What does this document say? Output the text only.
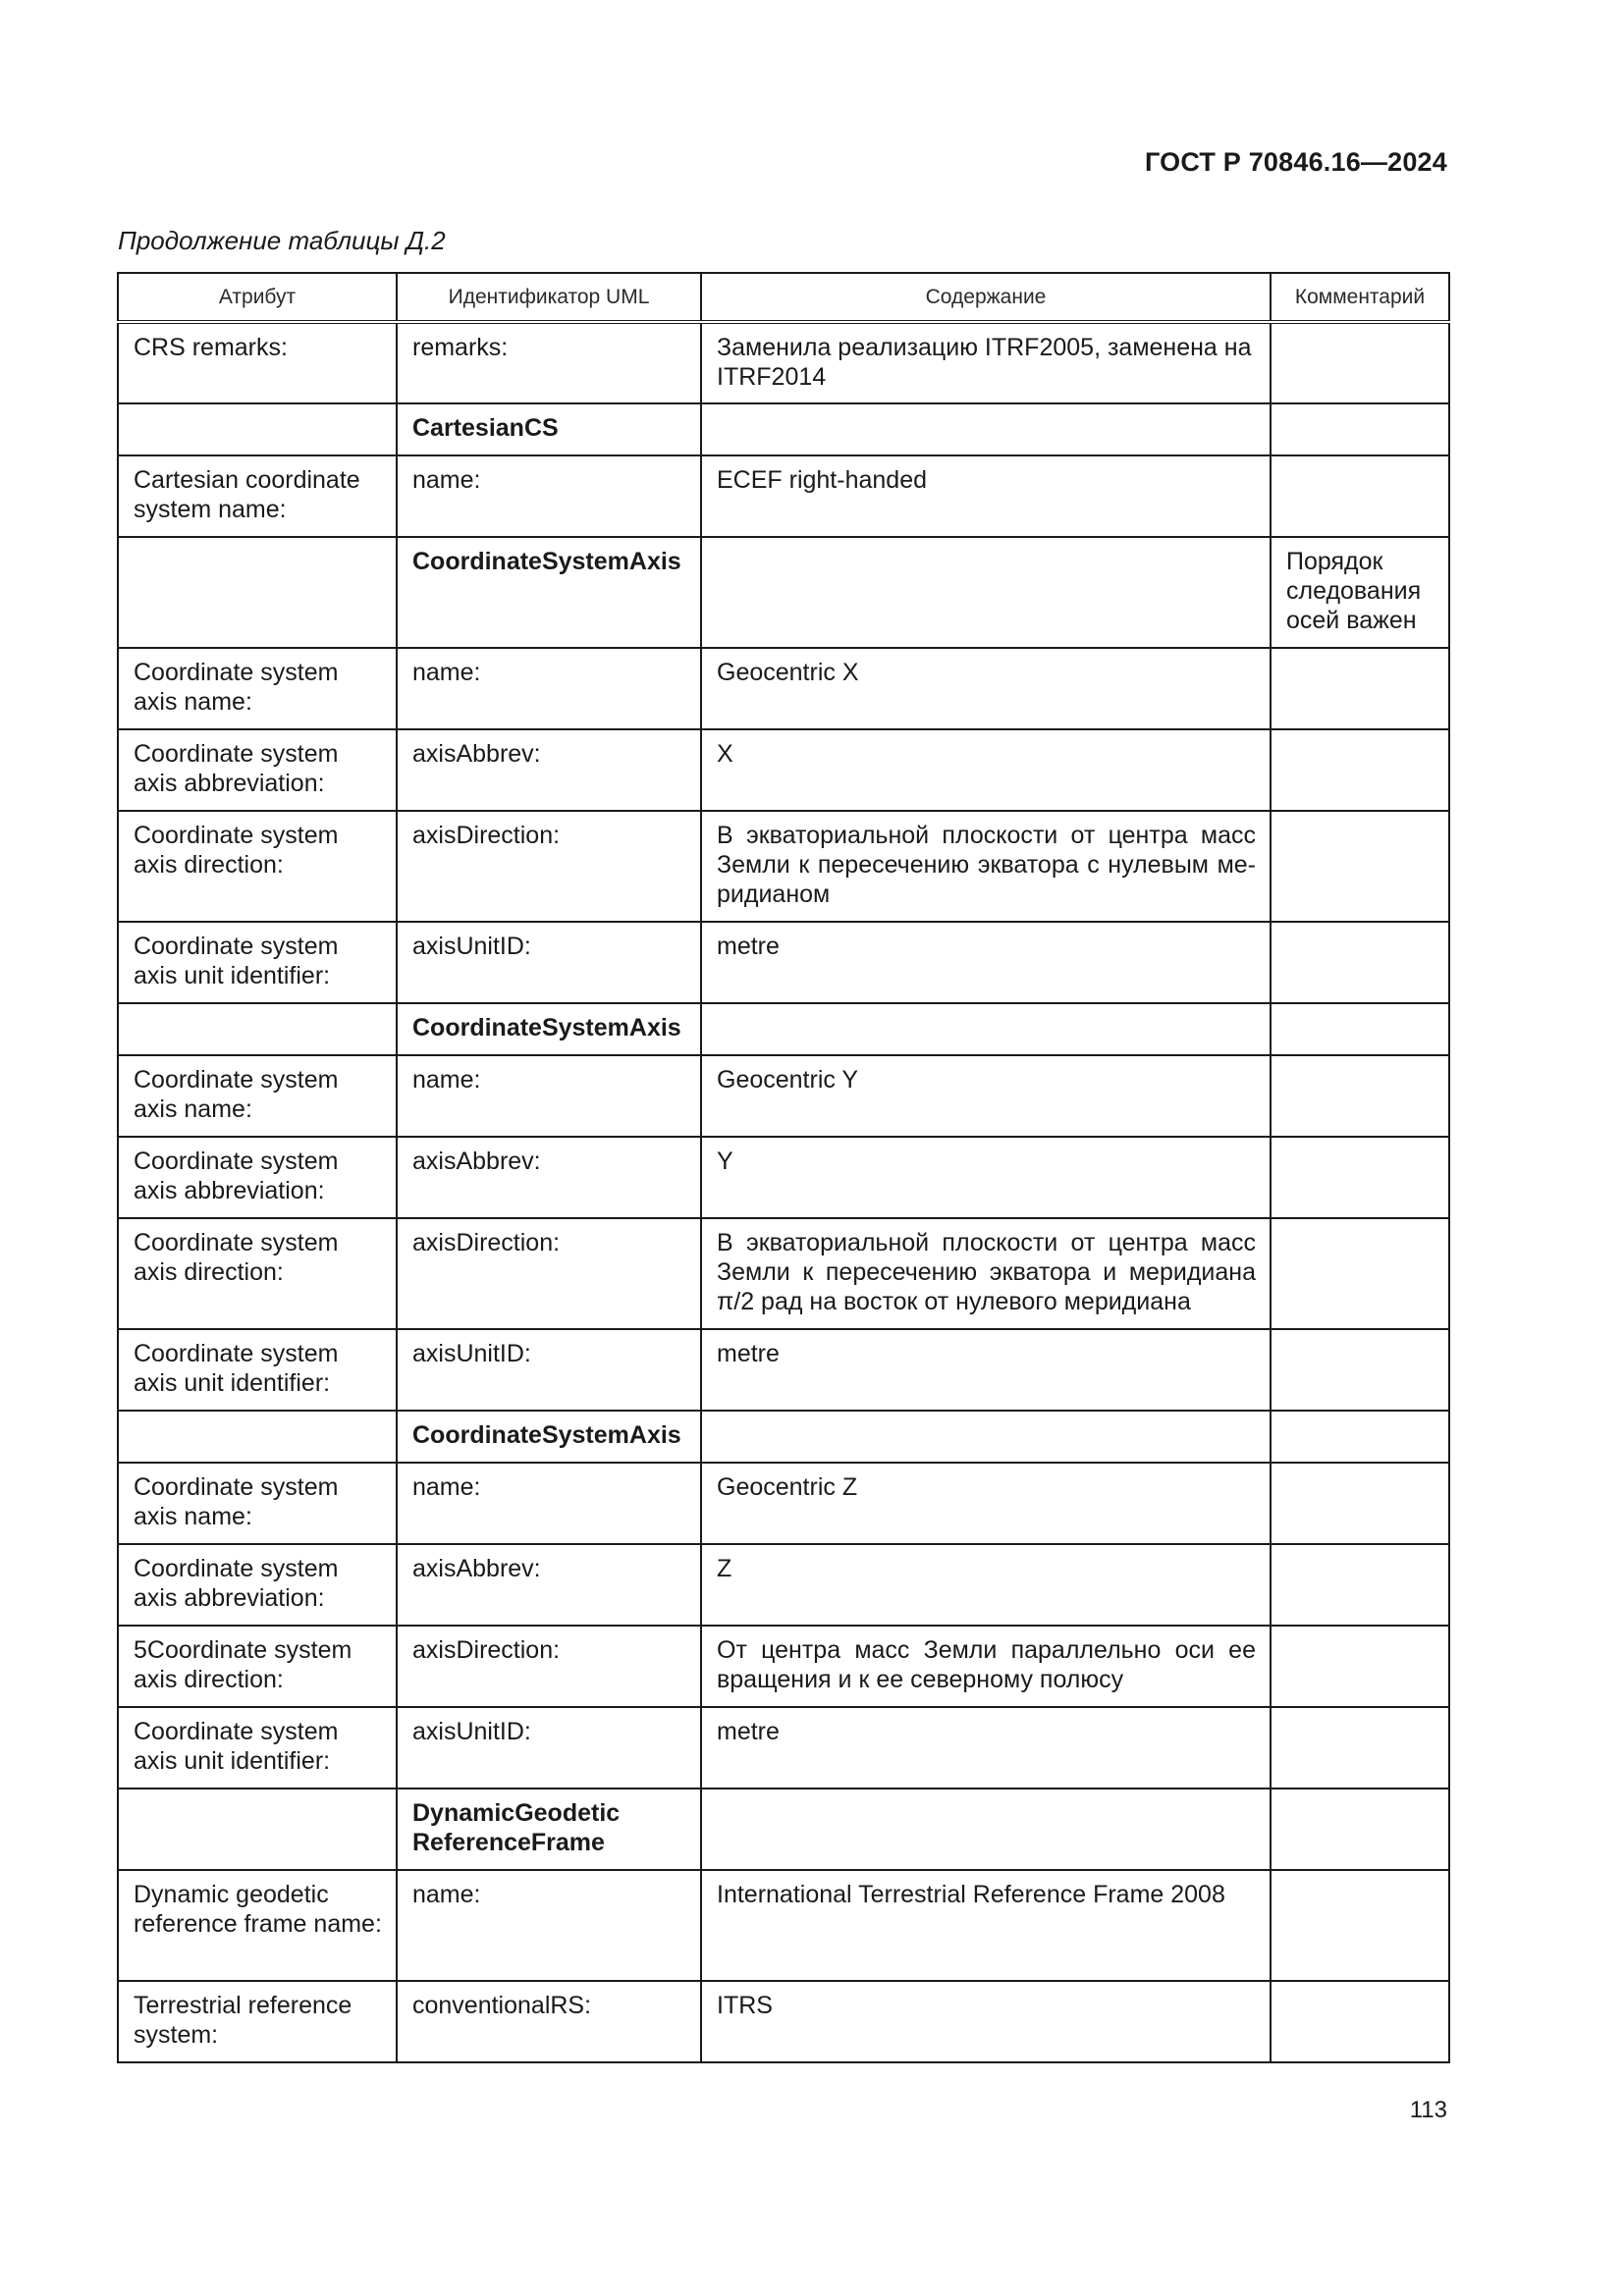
ГОСТ Р 70846.16—2024
Продолжение таблицы Д.2
Атрибут	Идентификатор UML	Содержание	Комментарий
CRS remarks:	remarks:	Заменила реализацию ITRF2005, заменена на ITRF2014	
	CartesianCS		
Cartesian coordinate system name:	name:	ECEF right-handed	
	CoordinateSystemAxis		Порядок следования осей важен
Coordinate system axis name:	name:	Geocentric X	
Coordinate system axis abbreviation:	axisAbbrev:	X	
Coordinate system axis direction:	axisDirection:	В экваториальной плоскости от центра масс Земли к пересечению экватора с нулевым ме-ридианом	
Coordinate system axis unit identifier:	axisUnitID:	metre	
	CoordinateSystemAxis		
Coordinate system axis name:	name:	Geocentric Y	
Coordinate system axis abbreviation:	axisAbbrev:	Y	
Coordinate system axis direction:	axisDirection:	В экваториальной плоскости от центра масс Земли к пересечению экватора и меридиана π/2 рад на восток от нулевого меридиана	
Coordinate system axis unit identifier:	axisUnitID:	metre	
	CoordinateSystemAxis		
Coordinate system axis name:	name:	Geocentric Z	
Coordinate system axis abbreviation:	axisAbbrev:	Z	
5Coordinate system axis direction:	axisDirection:	От центра масс Земли параллельно оси ее вращения и к ее северному полюсу	
Coordinate system axis unit identifier:	axisUnitID:	metre	
	DynamicGeodetic ReferenceFrame		
Dynamic geodetic reference frame name:	name:	International Terrestrial Reference Frame 2008	
Terrestrial reference system:	conventionalRS:	ITRS	
113
